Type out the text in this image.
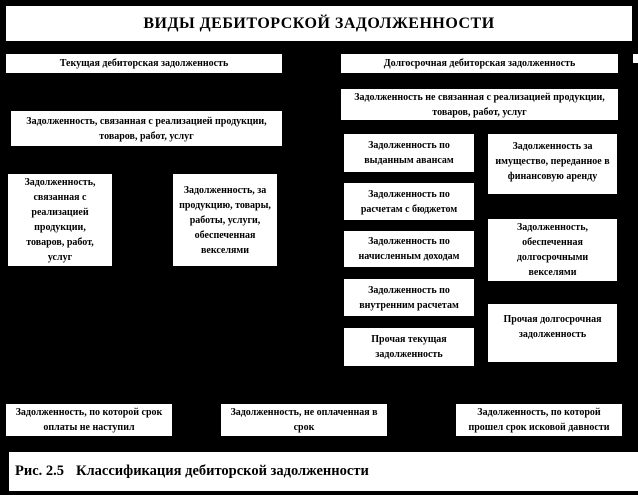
ВИДЫ ДЕБИТОРСКОЙ ЗАДОЛЖЕННОСТИ
Текущая дебиторская задолженность	Долгосрочная дебиторская задолженность
Задолженность не связанная с реализацией продукции, товаров, работ, услуг
Задолженность, связанная с реализацией продукции, товаров, работ, услуг
Задолженность, связанная с реализацией продукции, товаров, работ, услуг
Задолженность, за продукцию, товары, работы, услуги, обеспеченная векселями
Задолженность по выданным авансам
Задолженность по расчетам с бюджетом
Задолженность по начисленным доходам
Задолженность по внутренним расчетам
Прочая текущая задолженность
Задолженность за имущество, переданное в финансовую аренду
Задолженность, обеспеченная долгосрочными векселями
Прочая долгосрочная задолженность
Задолженность, по которой срок оплаты не наступил
Задолженность, не оплаченная в срок
Задолженность, по которой прошел срок исковой давности
Рис. 2.5 Классификация дебиторской задолженности
